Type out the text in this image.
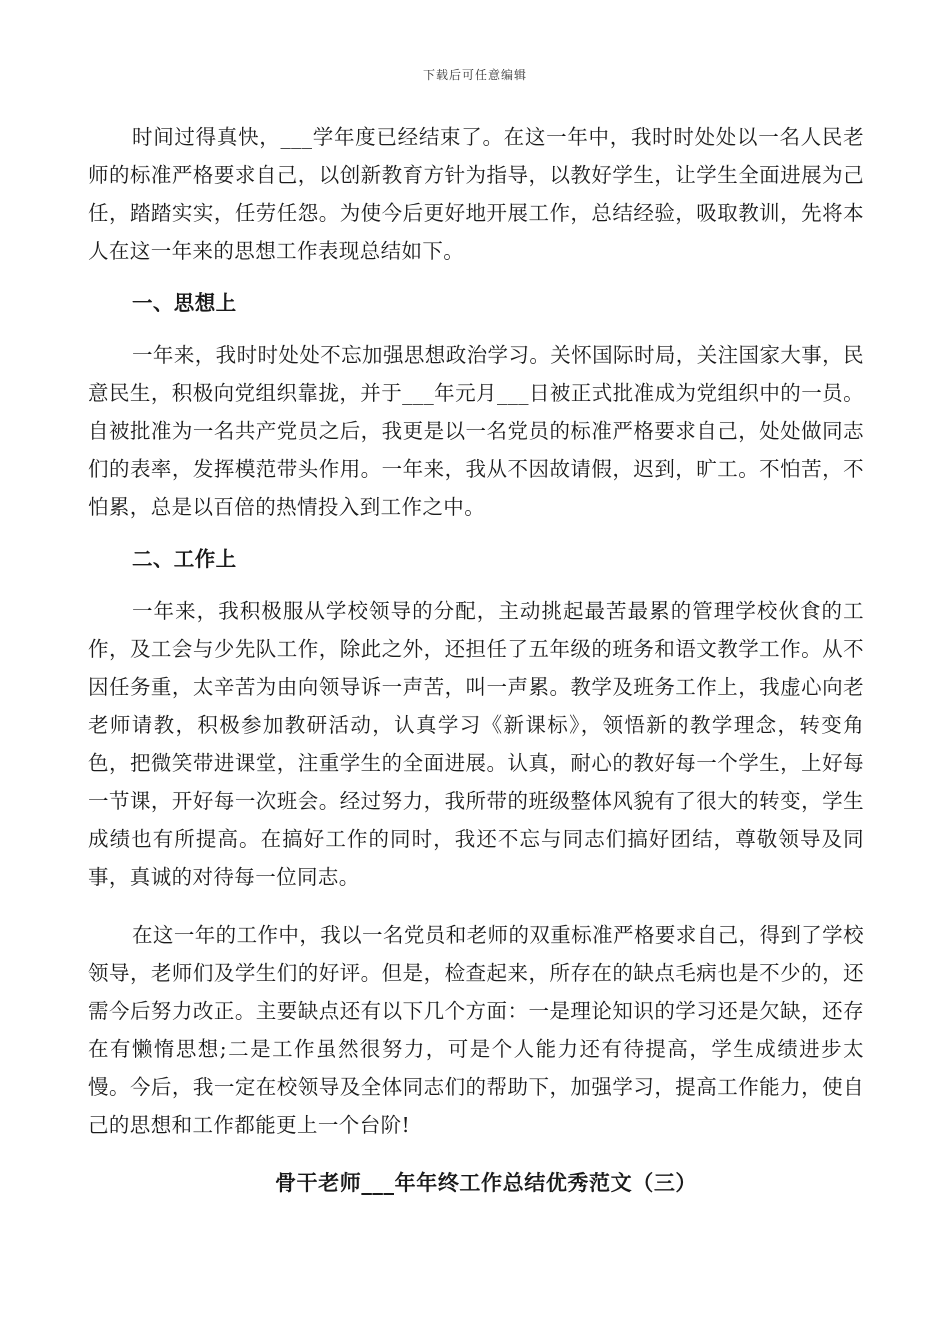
下载后可任意编辑

时间过得真快，___学年度已经结束了。在这一年中，我时时处处以一名人民老师的标准严格要求自己，以创新教育方针为指导，以教好学生，让学生全面进展为己任，踏踏实实，任劳任怨。为使今后更好地开展工作，总结经验，吸取教训，先将本人在这一年来的思想工作表现总结如下。

一、思想上

一年来，我时时处处不忘加强思想政治学习。关怀国际时局，关注国家大事，民意民生，积极向党组织靠拢，并于___年元月___日被正式批准成为党组织中的一员。自被批准为一名共产党员之后，我更是以一名党员的标准严格要求自己，处处做同志们的表率，发挥模范带头作用。一年来，我从不因故请假，迟到，旷工。不怕苦，不怕累，总是以百倍的热情投入到工作之中。

二、工作上

一年来，我积极服从学校领导的分配，主动挑起最苦最累的管理学校伙食的工作，及工会与少先队工作，除此之外，还担任了五年级的班务和语文教学工作。从不因任务重，太辛苦为由向领导诉一声苦，叫一声累。教学及班务工作上，我虚心向老老师请教，积极参加教研活动，认真学习《新课标》，领悟新的教学理念，转变角色，把微笑带进课堂，注重学生的全面进展。认真，耐心的教好每一个学生，上好每一节课，开好每一次班会。经过努力，我所带的班级整体风貌有了很大的转变，学生成绩也有所提高。在搞好工作的同时，我还不忘与同志们搞好团结，尊敬领导及同事，真诚的对待每一位同志。

在这一年的工作中，我以一名党员和老师的双重标准严格要求自己，得到了学校领导，老师们及学生们的好评。但是，检查起来，所存在的缺点毛病也是不少的，还需今后努力改正。主要缺点还有以下几个方面：一是理论知识的学习还是欠缺，还存在有懒惰思想;二是工作虽然很努力，可是个人能力还有待提高，学生成绩进步太慢。今后，我一定在校领导及全体同志们的帮助下，加强学习，提高工作能力，使自己的思想和工作都能更上一个台阶!

骨干老师___年年终工作总结优秀范文（三）
